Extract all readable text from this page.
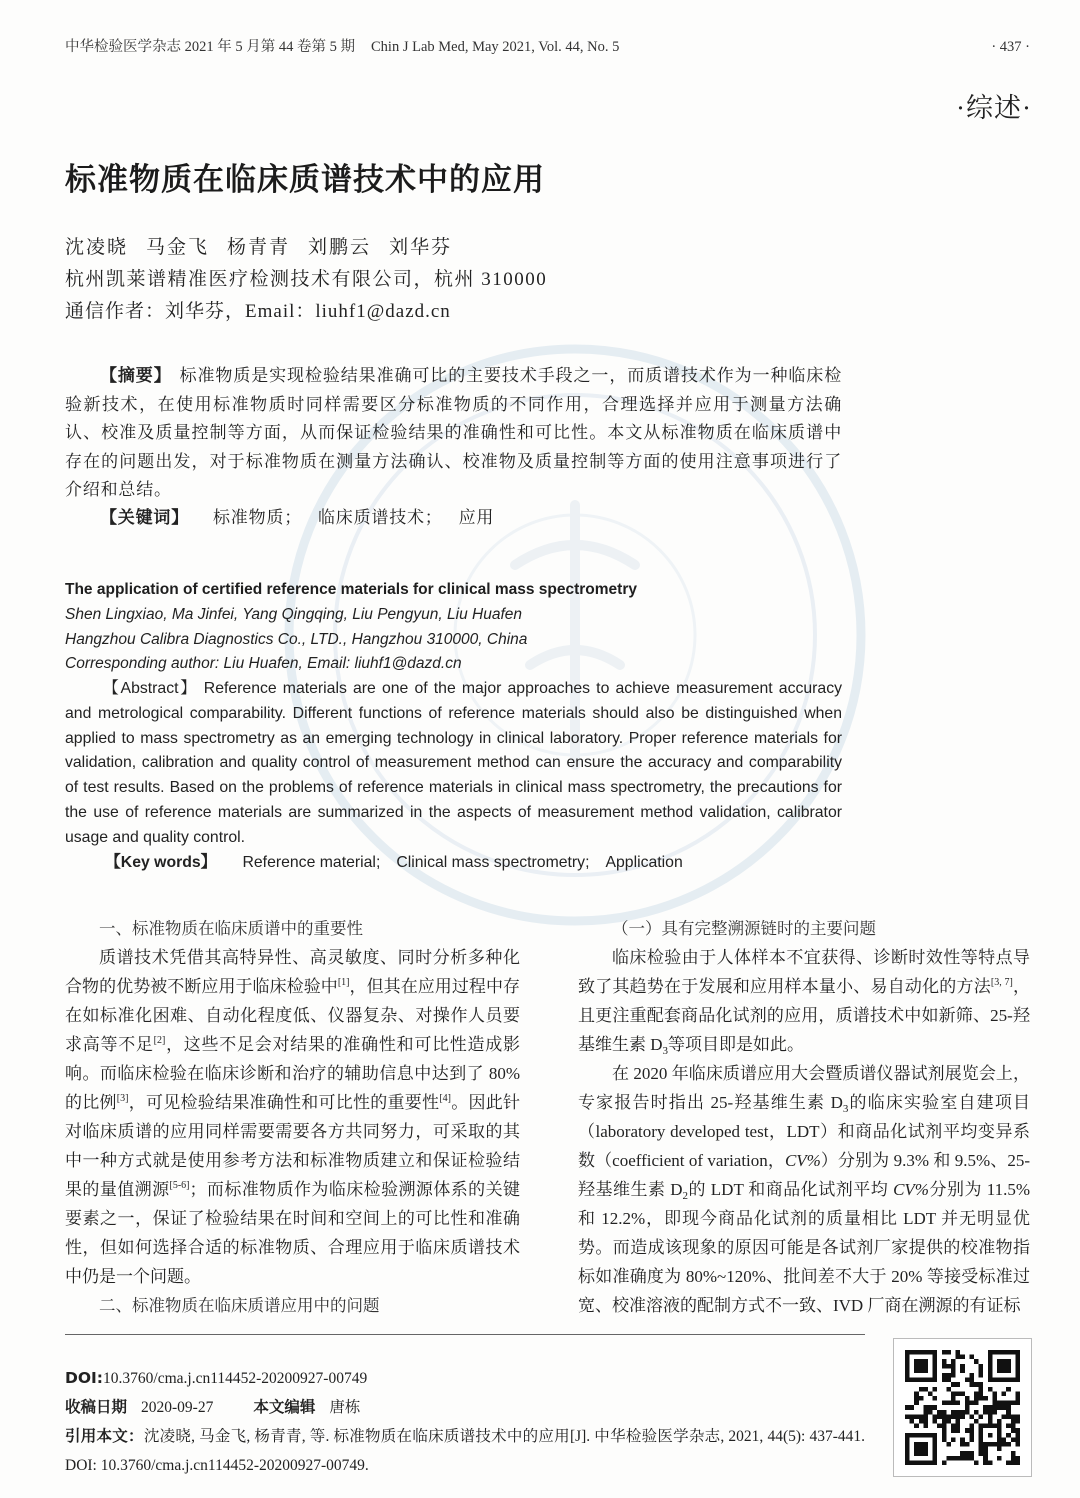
中华检验医学杂志 2021 年 5 月第 44 卷第 5 期 Chin J Lab Med, May 2021, Vol. 44, No. 5	· 437 ·
·综述·
标准物质在临床质谱技术中的应用
沈凌晓 马金飞 杨青青 刘鹏云 刘华芬
杭州凯莱谱精准医疗检测技术有限公司，杭州 310000
通信作者：刘华芬，Email：liuhf1@dazd.cn
【摘要】 标准物质是实现检验结果准确可比的主要技术手段之一，而质谱技术作为一种临床检验新技术，在使用标准物质时同样需要区分标准物质的不同作用，合理选择并应用于测量方法确认、校准及质量控制等方面，从而保证检验结果的准确性和可比性。本文从标准物质在临床质谱中存在的问题出发，对于标准物质在测量方法确认、校准物及质量控制等方面的使用注意事项进行了介绍和总结。
【关键词】 标准物质； 临床质谱技术； 应用
The application of certified reference materials for clinical mass spectrometry
Shen Lingxiao, Ma Jinfei, Yang Qingqing, Liu Pengyun, Liu Huafen
Hangzhou Calibra Diagnostics Co., LTD., Hangzhou 310000, China
Corresponding author: Liu Huafen, Email: liuhf1@dazd.cn
【Abstract】 Reference materials are one of the major approaches to achieve measurement accuracy and metrological comparability. Different functions of reference materials should also be distinguished when applied to mass spectrometry as an emerging technology in clinical laboratory. Proper reference materials for validation, calibration and quality control of measurement method can ensure the accuracy and comparability of test results. Based on the problems of reference materials in clinical mass spectrometry, the precautions for the use of reference materials are summarized in the aspects of measurement method validation, calibrator usage and quality control.
【Key words】 Reference material; Clinical mass spectrometry; Application

一、标准物质在临床质谱中的重要性

质谱技术凭借其高特异性、高灵敏度、同时分析多种化合物的优势被不断应用于临床检验中[1]，但其在应用过程中存在如标准化困难、自动化程度低、仪器复杂、对操作人员要求高等不足[2]，这些不足会对结果的准确性和可比性造成影响。而临床检验在临床诊断和治疗的辅助信息中达到了 80% 的比例[3]，可见检验结果准确性和可比性的重要性[4]。因此针对临床质谱的应用同样需要需要各方共同努力，可采取的其中一种方式就是使用参考方法和标准物质建立和保证检验结果的量值溯源[5-6]；而标准物质作为临床检验溯源体系的关键要素之一，保证了检验结果在时间和空间上的可比性和准确性，但如何选择合适的标准物质、合理应用于临床质谱技术中仍是一个问题。

二、标准物质在临床质谱应用中的问题

（一）具有完整溯源链时的主要问题

临床检验由于人体样本不宜获得、诊断时效性等特点导致了其趋势在于发展和应用样本量小、易自动化的方法[3, 7]，且更注重配套商品化试剂的应用，质谱技术中如新筛、25-羟基维生素 $D_3$等项目即是如此。

在 2020 年临床质谱应用大会暨质谱仪器试剂展览会上，专家报告时指出 25-羟基维生素 $D_3$的临床实验室自建项目（laboratory developed test，LDT）和商品化试剂平均变异系数（coefficient of variation，CV%）分别为 9.3% 和 9.5%、25-羟基维生素 $D_2$的 LDT 和商品化试剂平均 CV%分别为 11.5% 和 12.2%，即现今商品化试剂的质量相比 LDT 并无明显优势。而造成该现象的原因可能是各试剂厂家提供的校准物指标如准确度为 80%~120%、批间差不大于 20% 等接受标准过宽、校准溶液的配制方式不一致、IVD 厂商在溯源的有证标

DOI:10.3760/cma.j.cn114452-20200927-00749
收稿日期 2020-09-27	本文编辑 唐栋
引用本文：沈凌晓, 马金飞, 杨青青, 等. 标准物质在临床质谱技术中的应用[J]. 中华检验医学杂志, 2021, 44(5): 437-441. DOI: 10.3760/cma.j.cn114452-20200927-00749.
